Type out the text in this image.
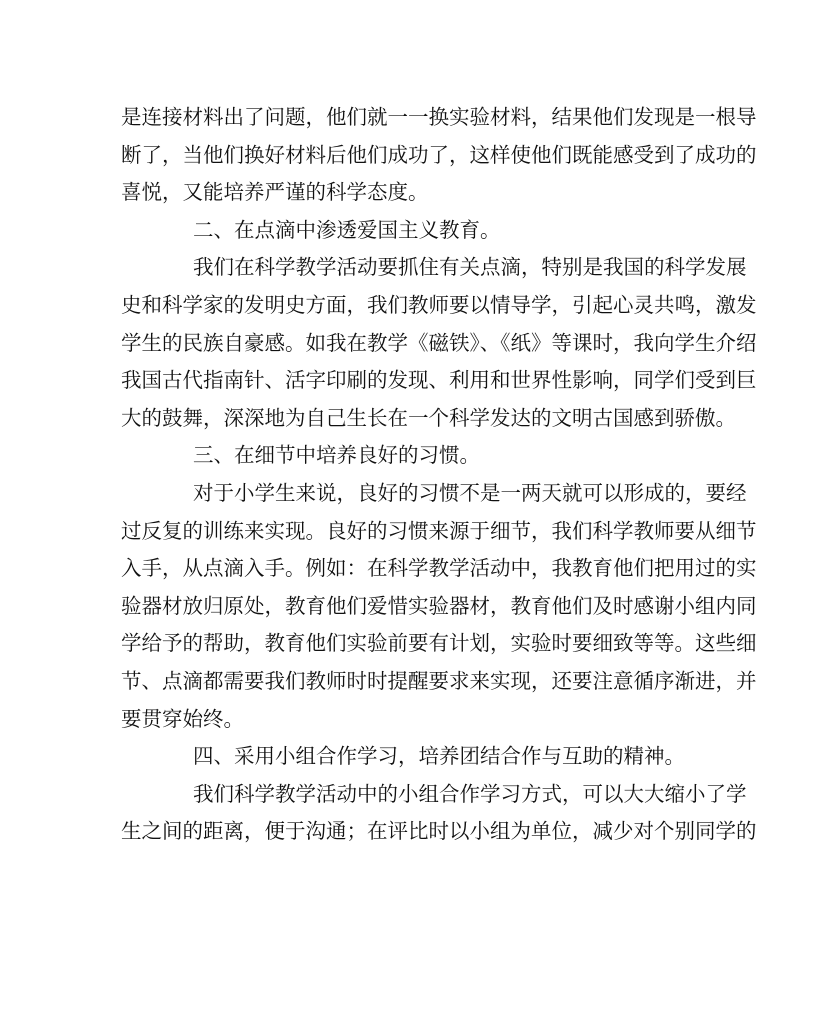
是连接材料出了问题，他们就一一换实验材料，结果他们发现是一根导
断了，当他们换好材料后他们成功了，这样使他们既能感受到了成功的
喜悦，又能培养严谨的科学态度。
二、在点滴中渗透爱国主义教育。
我们在科学教学活动要抓住有关点滴，特别是我国的科学发展
史和科学家的发明史方面，我们教师要以情导学，引起心灵共鸣，激发
学生的民族自豪感。如我在教学《磁铁》、《纸》等课时，我向学生介绍
我国古代指南针、活字印刷的发现、利用和世界性影响，同学们受到巨
大的鼓舞，深深地为自己生长在一个科学发达的文明古国感到骄傲。
三、在细节中培养良好的习惯。
对于小学生来说，良好的习惯不是一两天就可以形成的，要经
过反复的训练来实现。良好的习惯来源于细节，我们科学教师要从细节
入手，从点滴入手。例如：在科学教学活动中，我教育他们把用过的实
验器材放归原处，教育他们爱惜实验器材，教育他们及时感谢小组内同
学给予的帮助，教育他们实验前要有计划，实验时要细致等等。这些细
节、点滴都需要我们教师时时提醒要求来实现，还要注意循序渐进，并
要贯穿始终。
四、采用小组合作学习，培养团结合作与互助的精神。
我们科学教学活动中的小组合作学习方式，可以大大缩小了学
生之间的距离，便于沟通；在评比时以小组为单位，减少对个别同学的
